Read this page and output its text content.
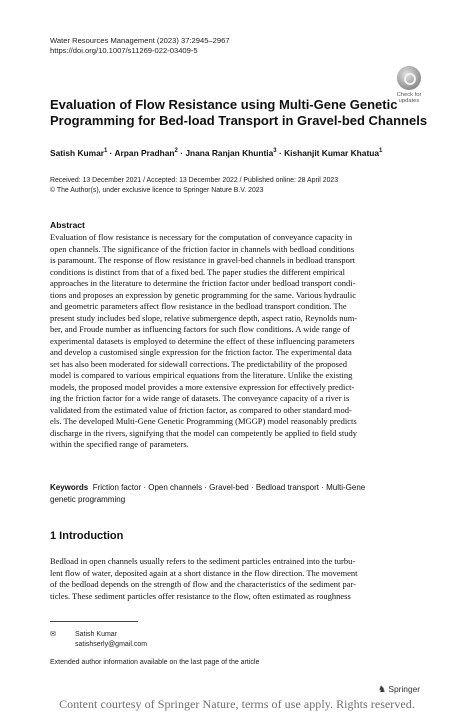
Water Resources Management (2023) 37:2945–2967
https://doi.org/10.1007/s11269-022-03409-5
Check for
updates
Evaluation of Flow Resistance using Multi-Gene Genetic
Programming for Bed-load Transport in Gravel-bed Channels
Satish Kumar$^1$ · Arpan Pradhan$^2$ · Jnana Ranjan Khuntia$^3$ · Kishanjit Kumar Khatua$^1$
Received: 13 December 2021 / Accepted: 13 December 2022 / Published online: 28 April 2023
© The Author(s), under exclusive licence to Springer Nature B.V. 2023
Abstract
Evaluation of flow resistance is necessary for the computation of conveyance capacity in
open channels. The significance of the friction factor in channels with bedload conditions
is paramount. The response of flow resistance in gravel-bed channels in bedload transport
conditions is distinct from that of a fixed bed. The paper studies the different empirical
approaches in the literature to determine the friction factor under bedload transport condi-
tions and proposes an expression by genetic programming for the same. Various hydraulic
and geometric parameters affect flow resistance in the bedload transport condition. The
present study includes bed slope, relative submergence depth, aspect ratio, Reynolds num-
ber, and Froude number as influencing factors for such flow conditions. A wide range of
experimental datasets is employed to determine the effect of these influencing parameters
and develop a customised single expression for the friction factor. The experimental data
set has also been moderated for sidewall corrections. The predictability of the proposed
model is compared to various empirical equations from the literature. Unlike the existing
models, the proposed model provides a more extensive expression for effectively predict-
ing the friction factor for a wide range of datasets. The conveyance capacity of a river is
validated from the estimated value of friction factor, as compared to other standard mod-
els. The developed Multi-Gene Genetic Programming (MGGP) model reasonably predicts
discharge in the rivers, signifying that the model can competently be applied to field study
within the specified range of parameters.
Keywords Friction factor · Open channels · Gravel-bed · Bedload transport · Multi-Gene
genetic programming
1 Introduction
Bedload in open channels usually refers to the sediment particles entrained into the turbu-
lent flow of water, deposited again at a short distance in the flow direction. The movement
of the bedload depends on the strength of flow and the characteristics of the sediment par-
ticles. These sediment particles offer resistance to the flow, often estimated as roughness
✉	Satish Kumar
satishserly@gmail.com
Extended author information available on the last page of the article
♞ Springer
Content courtesy of Springer Nature, terms of use apply. Rights reserved.
